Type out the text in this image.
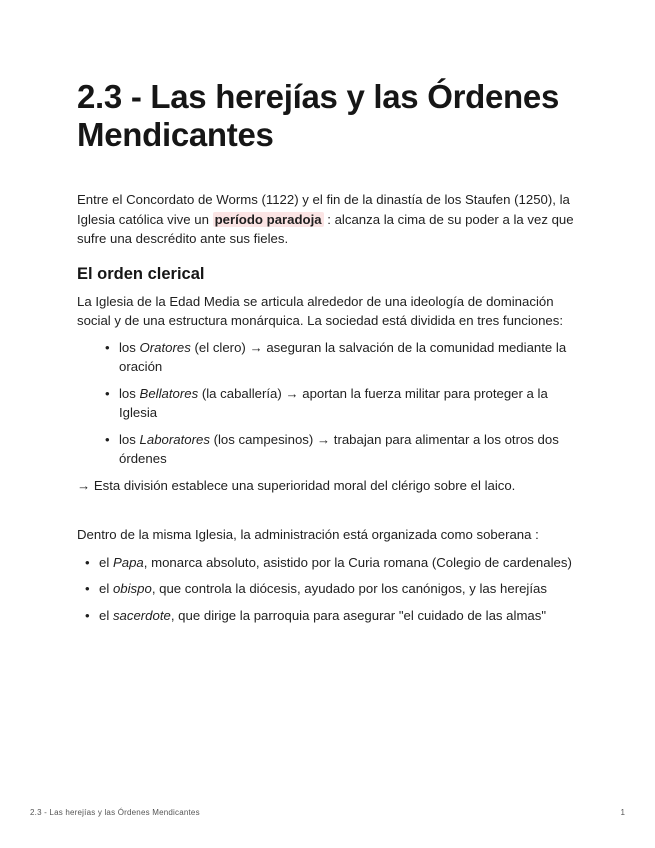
2.3 - Las herejías y las Órdenes Mendicantes

Entre el Concordato de Worms (1122) y el fin de la dinastía de los Staufen (1250), la Iglesia católica vive un período paradoja : alcanza la cima de su poder a la vez que sufre una descrédito ante sus fieles.

El orden clerical

La Iglesia de la Edad Media se articula alrededor de una ideología de dominación social y de una estructura monárquica. La sociedad está dividida en tres funciones:

• los Oratores (el clero) → aseguran la salvación de la comunidad mediante la oración
• los Bellatores (la caballería) → aportan la fuerza militar para proteger a la Iglesia
• los Laboratores (los campesinos) → trabajan para alimentar a los otros dos órdenes

→ Esta división establece una superioridad moral del clérigo sobre el laico.

Dentro de la misma Iglesia, la administración está organizada como soberana :

• el Papa, monarca absoluto, asistido por la Curia romana (Colegio de cardenales)
• el obispo, que controla la diócesis, ayudado por los canónigos, y las herejías
• el sacerdote, que dirige la parroquia para asegurar "el cuidado de las almas"
2.3 - Las herejías y las Órdenes Mendicantes	1
